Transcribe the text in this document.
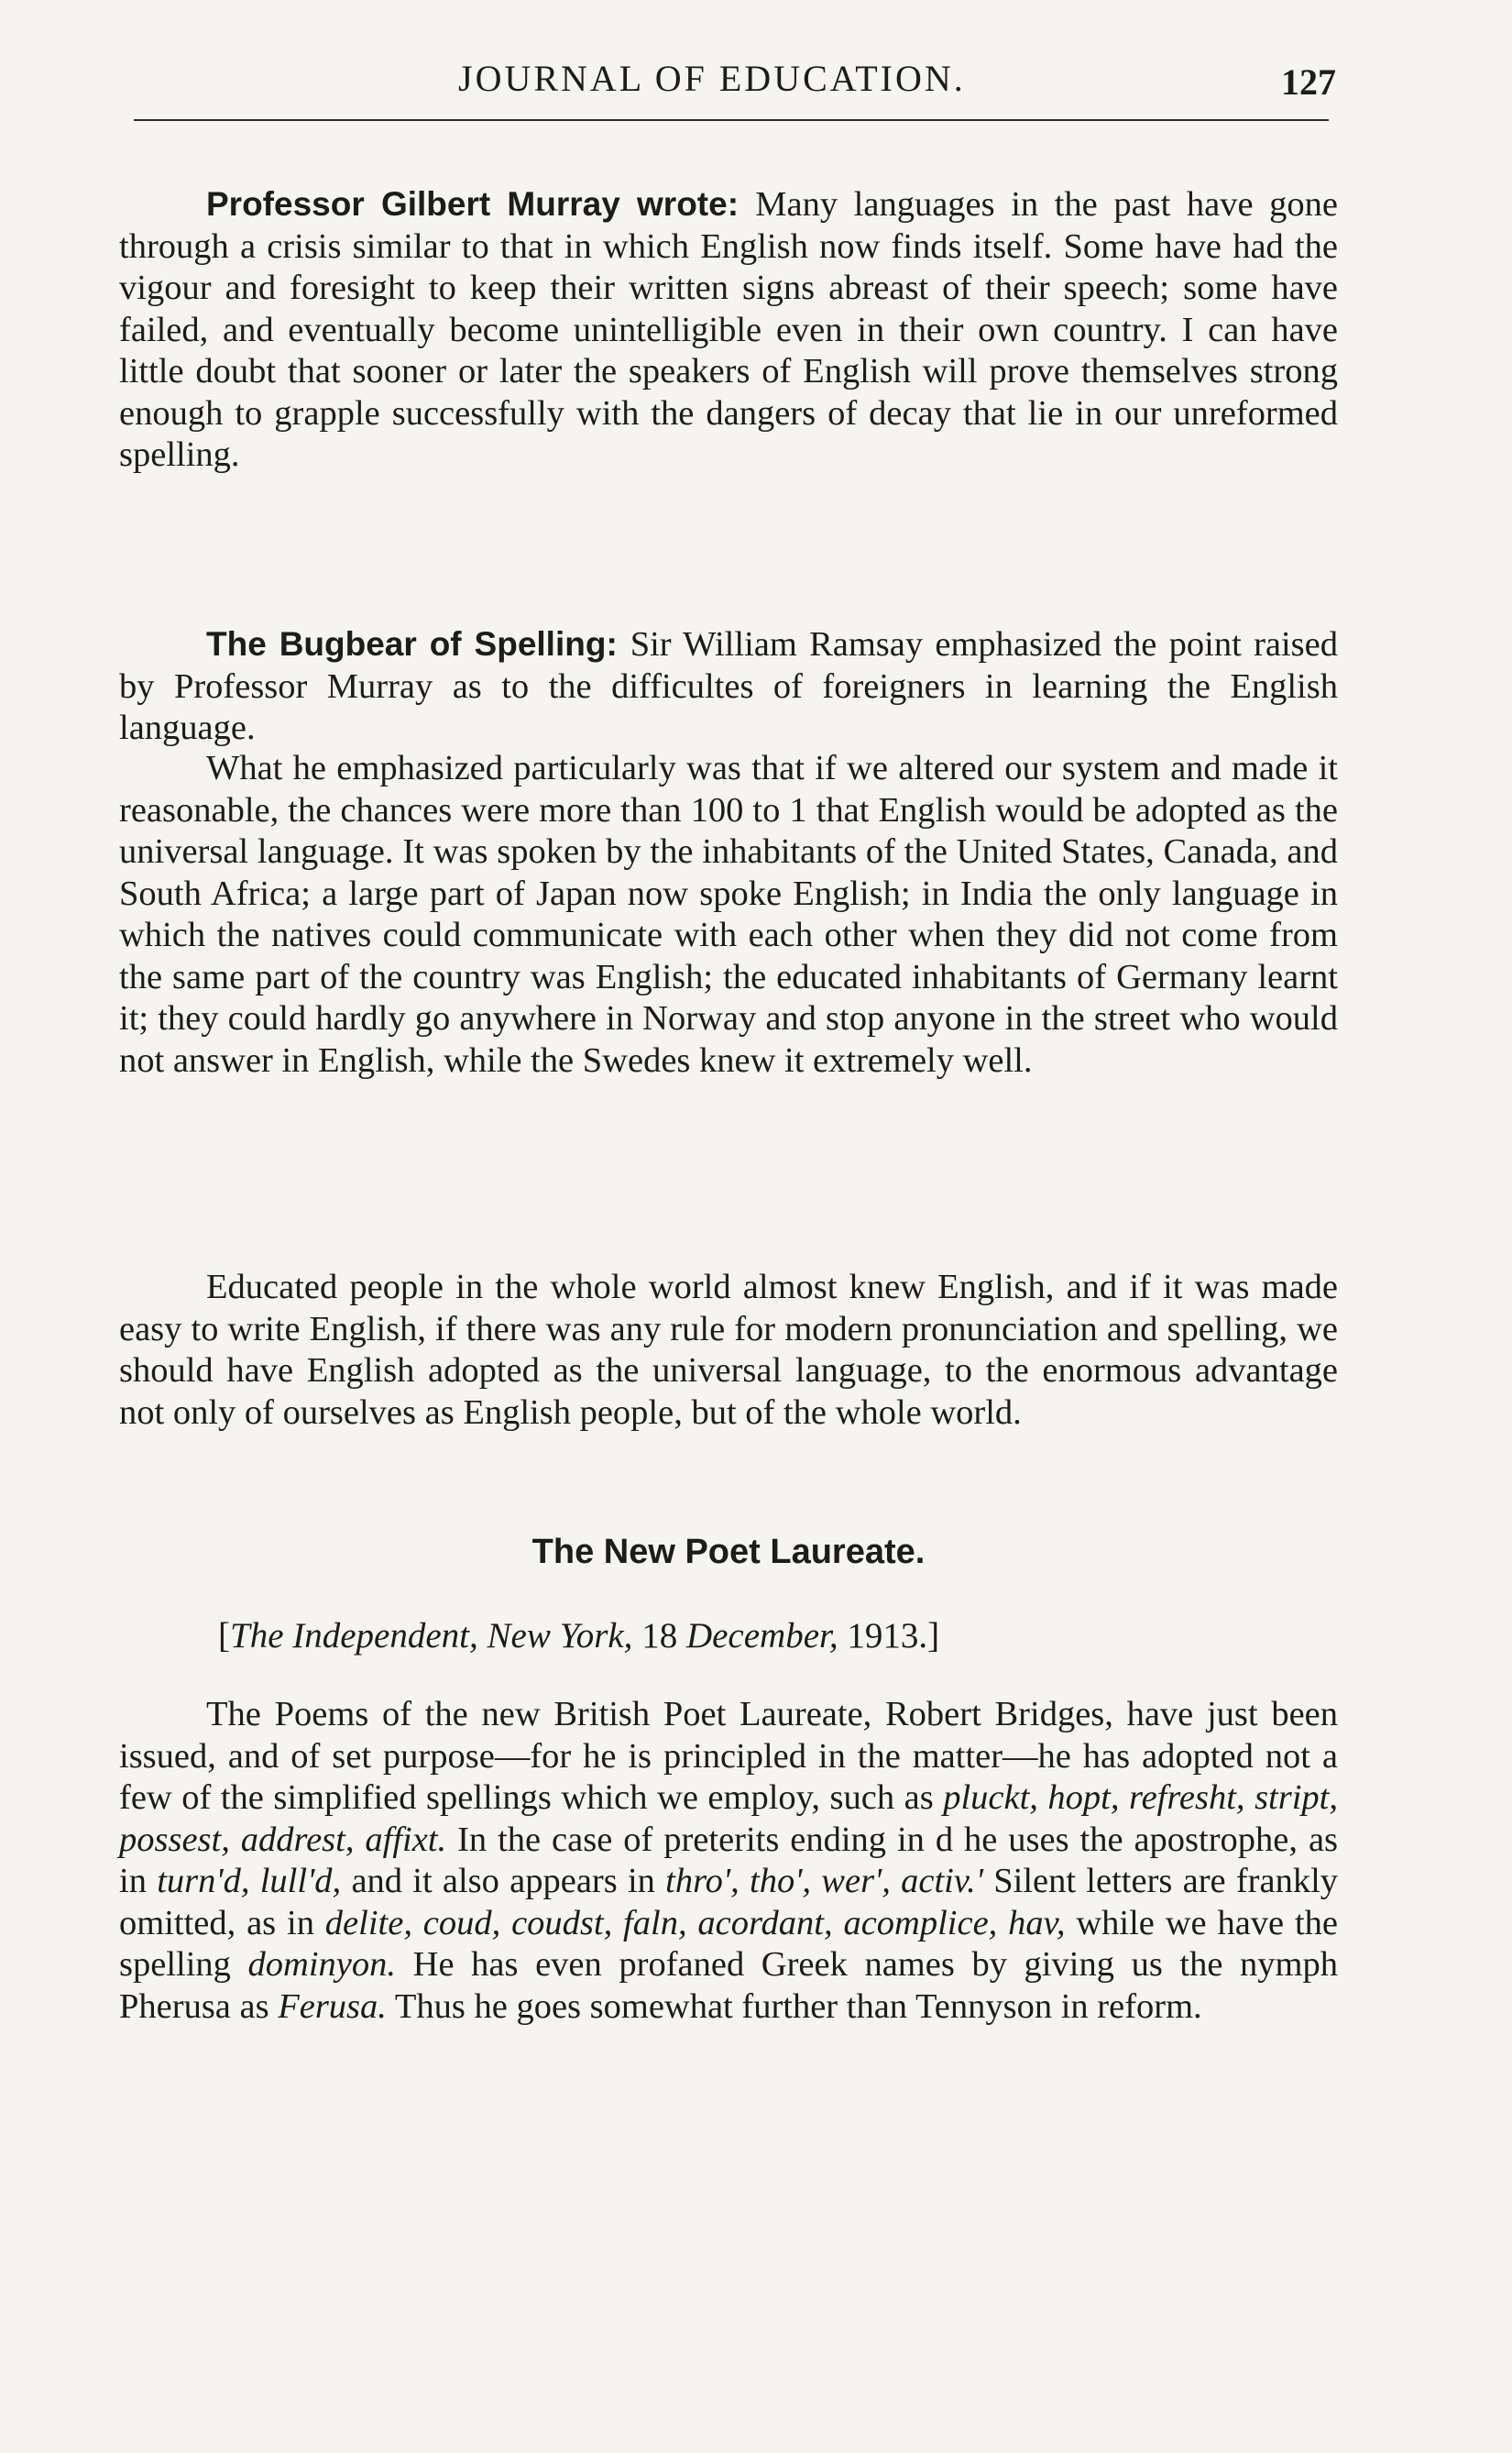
JOURNAL OF EDUCATION.	127

Professor Gilbert Murray wrote: Many languages in the past have gone through a crisis similar to that in which English now finds itself. Some have had the vigour and foresight to keep their written signs abreast of their speech; some have failed, and eventually become unintelligible even in their own country. I can have little doubt that sooner or later the speakers of English will prove themselves strong enough to grapple successfully with the dangers of decay that lie in our unreformed spelling.

The Bugbear of Spelling: Sir William Ramsay emphasized the point raised by Professor Murray as to the difficultes of foreigners in learning the English language.

What he emphasized particularly was that if we altered our system and made it reasonable, the chances were more than 100 to 1 that English would be adopted as the universal language. It was spoken by the inhabitants of the United States, Canada, and South Africa; a large part of Japan now spoke English; in India the only language in which the natives could communicate with each other when they did not come from the same part of the country was English; the educated inhabitants of Germany learnt it; they could hardly go anywhere in Norway and stop anyone in the street who would not answer in English, while the Swedes knew it extremely well.

Educated people in the whole world almost knew English, and if it was made easy to write English, if there was any rule for modern pronunciation and spelling, we should have English adopted as the universal language, to the enormous advantage not only of ourselves as English people, but of the whole world.

The New Poet Laureate.

[The Independent, New York, 18 December, 1913.]

The Poems of the new British Poet Laureate, Robert Bridges, have just been issued, and of set purpose—for he is principled in the matter—he has adopted not a few of the simplified spellings which we employ, such as pluckt, hopt, refresht, stript, possest, addrest, affixt. In the case of preterits ending in d he uses the apostrophe, as in turn'd, lull'd, and it also appears in thro', tho', wer', activ.' Silent letters are frankly omitted, as in delite, coud, coudst, faln, acordant, acomplice, hav, while we have the spelling dominyon. He has even profaned Greek names by giving us the nymph Pherusa as Ferusa. Thus he goes somewhat further than Tennyson in reform.
